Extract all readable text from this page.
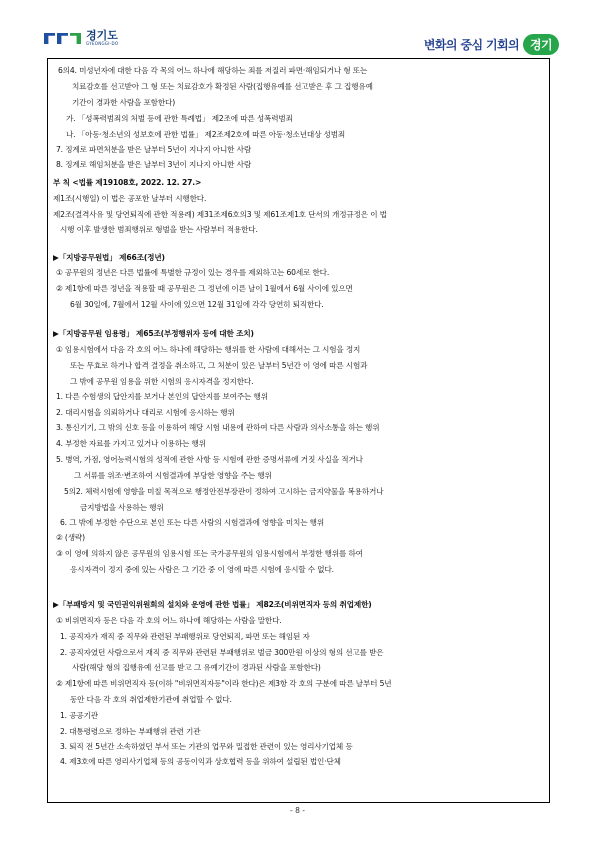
경기도
GYEONGGI-DO	변화의 중심 기회의 경기
6의4. 미성년자에 대한 다음 각 목의 어느 하나에 해당하는 죄를 저질러 파면·해임되거나 형 또는
치료감호를 선고받아 그 형 또는 치료감호가 확정된 사람(집행유예를 선고받은 후 그 집행유예
기간이 경과한 사람을 포함한다)
가. 「성폭력범죄의 처벌 등에 관한 특례법」 제2조에 따른 성폭력범죄
나. 「아동·청소년의 성보호에 관한 법률」 제2조제2호에 따른 아동·청소년대상 성범죄
7. 징계로 파면처분을 받은 날부터 5년이 지나지 아니한 사람
8. 징계로 해임처분을 받은 날부터 3년이 지나지 아니한 사람
부 칙 <법률 제19108호, 2022. 12. 27.>
제1조(시행일) 이 법은 공포한 날부터 시행한다.
제2조(결격사유 및 당연퇴직에 관한 적용례) 제31조제6호의3 및 제61조제1호 단서의 개정규정은 이 법
시행 이후 발생한 범죄행위로 형벌을 받는 사람부터 적용한다.
▶「지방공무원법」 제66조(정년)
① 공무원의 정년은 다른 법률에 특별한 규정이 있는 경우를 제외하고는 60세로 한다.
② 제1항에 따른 정년을 적용할 때 공무원은 그 정년에 이른 날이 1월에서 6월 사이에 있으면
6월 30일에, 7월에서 12월 사이에 있으면 12월 31일에 각각 당연히 퇴직한다.
▶「지방공무원 임용령」 제65조(부정행위자 등에 대한 조치)
① 임용시험에서 다음 각 호의 어느 하나에 해당하는 행위를 한 사람에 대해서는 그 시험을 정지
또는 무효로 하거나 합격 결정을 취소하고, 그 처분이 있은 날부터 5년간 이 영에 따른 시험과
그 밖에 공무원 임용을 위한 시험의 응시자격을 정지한다.
1. 다른 수험생의 답안지를 보거나 본인의 답안지를 보여주는 행위
2. 대리시험을 의뢰하거나 대리로 시험에 응시하는 행위
3. 통신기기, 그 밖의 신호 등을 이용하여 해당 시험 내용에 관하여 다른 사람과 의사소통을 하는 행위
4. 부정한 자료를 가지고 있거나 이용하는 행위
5. 병역, 가점, 영어능력시험의 성적에 관한 사항 등 시험에 관한 증명서류에 거짓 사실을 적거나
그 서류를 위조·변조하여 시험결과에 부당한 영향을 주는 행위
5의2. 체력시험에 영향을 미칠 목적으로 행정안전부장관이 정하여 고시하는 금지약물을 복용하거나
금지방법을 사용하는 행위
6. 그 밖에 부정한 수단으로 본인 또는 다른 사람의 시험결과에 영향을 미치는 행위
② (생략)
③ 이 영에 의하지 않은 공무원의 임용시험 또는 국가공무원의 임용시험에서 부정한 행위를 하여
응시자격이 정지 중에 있는 사람은 그 기간 중 이 영에 따른 시험에 응시할 수 없다.
▶「부패방지 및 국민권익위원회의 설치와 운영에 관한 법률」 제82조(비위면직자 등의 취업제한)
① 비위면직자 등은 다음 각 호의 어느 하나에 해당하는 사람을 말한다.
1. 공직자가 재직 중 직무와 관련된 부패행위로 당연퇴직, 파면 또는 해임된 자
2. 공직자였던 사람으로서 재직 중 직무와 관련된 부패행위로 벌금 300만원 이상의 형의 선고를 받은
사람(해당 형의 집행유예 선고를 받고 그 유예기간이 경과된 사람을 포함한다)
② 제1항에 따른 비위면직자 등(이하 "비위면직자등"이라 한다)은 제3항 각 호의 구분에 따른 날부터 5년
동안 다음 각 호의 취업제한기관에 취업할 수 없다.
1. 공공기관
2. 대통령령으로 정하는 부패행위 관련 기관
3. 퇴직 전 5년간 소속하였던 부서 또는 기관의 업무와 밀접한 관련이 있는 영리사기업체 등
4. 제3호에 따른 영리사기업체 등의 공동이익과 상호협력 등을 위하여 설립된 법인·단체
- 8 -
